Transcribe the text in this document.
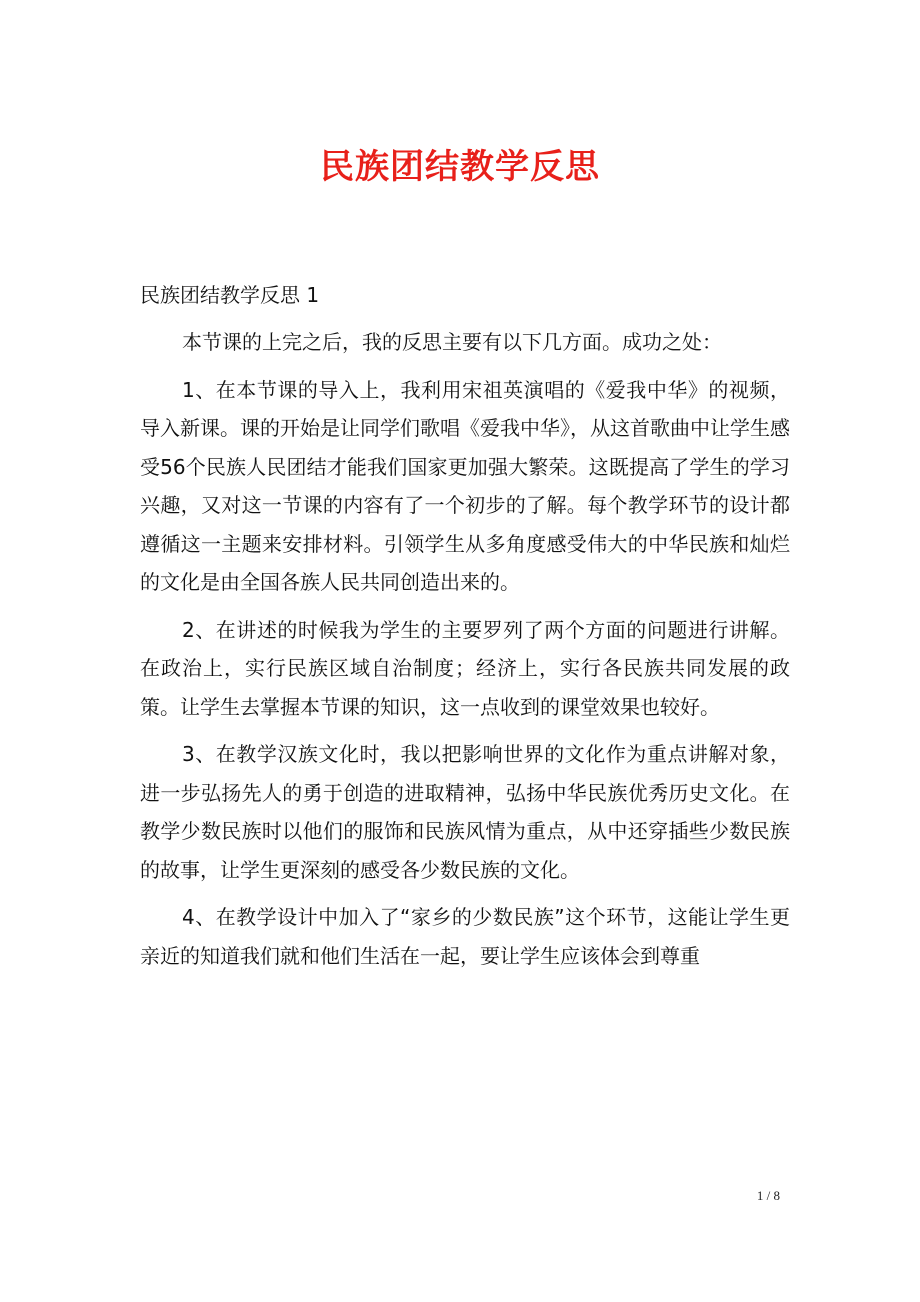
民族团结教学反思

民族团结教学反思 1

本节课的上完之后，我的反思主要有以下几方面。成功之处：

1、在本节课的导入上，我利用宋祖英演唱的《爱我中华》的视频，导入新课。课的开始是让同学们歌唱《爱我中华》，从这首歌曲中让学生感受56个民族人民团结才能我们国家更加强大繁荣。这既提高了学生的学习兴趣，又对这一节课的内容有了一个初步的了解。每个教学环节的设计都遵循这一主题来安排材料。引领学生从多角度感受伟大的中华民族和灿烂的文化是由全国各族人民共同创造出来的。

2、在讲述的时候我为学生的主要罗列了两个方面的问题进行讲解。在政治上，实行民族区域自治制度；经济上，实行各民族共同发展的政策。让学生去掌握本节课的知识，这一点收到的课堂效果也较好。

3、在教学汉族文化时，我以把影响世界的文化作为重点讲解对象，进一步弘扬先人的勇于创造的进取精神，弘扬中华民族优秀历史文化。在教学少数民族时以他们的服饰和民族风情为重点，从中还穿插些少数民族的故事，让学生更深刻的感受各少数民族的文化。

4、在教学设计中加入了“家乡的少数民族”这个环节，这能让学生更亲近的知道我们就和他们生活在一起，要让学生应该体会到尊重

1 / 8
